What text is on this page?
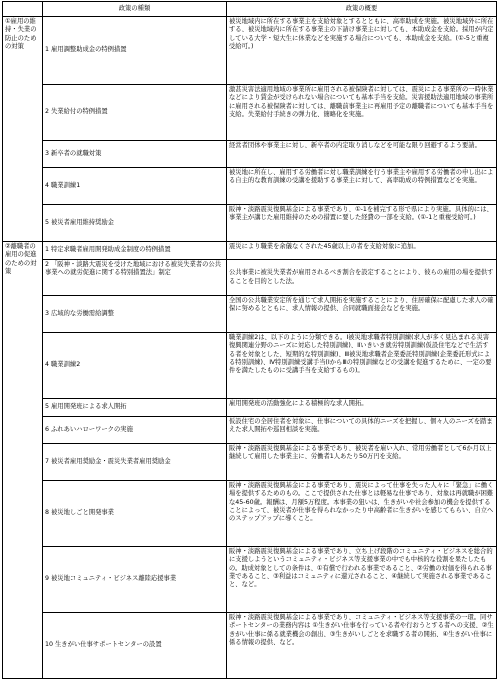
	政策の種類	政策の概要
①雇用の維持・失業の防止のための対策	1 雇用調整助成金の特例措置	被災地域内に所在する事業主を支給対象とするとともに、高率助成を実施。被災地域外に所在する、被災地域内に所在する事業主の下請け事業主に対しても、本助成金を支給。採用が内定している大学・短大生に休業などを実施する場合についても、本助成金を支給。(①-5と重複受給可。)
	2 失業給付の特例措置	激甚災害法適用地域の事業所に雇用される被保険者に対しては、震災による事業所の一時休業などにより賃金が受けられない場合についても基本手当を支給。災害援助法適用地域の事業所に雇用される被保険者に対しては、離職前事業主に再雇用予定の離職者についても基本手当を支給。失業給付手続きの弾力化、簡略化を実施。
	3 新卒者の就職対策	経営者団体や事業主に対し、新卒者の内定取り消しなどを可能な限り回避するよう要請。
	4 職業訓練1	被災地に所在し、雇用する労働者に対し職業訓練を行う事業主や雇用する労働者の申し出による自主的な教育訓練の受講を援助する事業主に対して、高率助成の特例措置などを実施。
	5 被災者雇用維持奨励金	阪神・淡路震災復興基金による事業であり、①-1を補完する形で県により実施。具体的には、事業主が講じた雇用維持のための措置に要した経費の一部を支給。(①-1と重複受給可。)
②離職者の雇用の促進のための対策	1 特定求職者雇用開発助成金制度の特例措置	震災により職業を余儀なくされた45歳以上の者を支給対象に追加。
	2 「阪神・淡路大震災を受けた地域における被災失業者の公共事業への就労促進に関する特別措置法」制定	公共事業に被災失業者が雇用されるべき割合を設定することにより、彼らの雇用の場を提供することを目的とした法。
	3 広域的な労働需給調整	全国の公共職業安定所を通じて求人開拓を実施することにより、住居確保に配慮した求人の確保に努めるとともに、求人情報の提供、合同就職面接会などを実施。
	4 職業訓練2	職業訓練2は、以下のように分類できる。Ⅰ被災地求職者特別訓練(求人が多く見込まれる災害復興関連分野のニーズに対応した特別訓練)、Ⅱいきいき就労特別訓練(仮設住宅などで生活する者を対象とした、短期的な特別訓練)、Ⅲ被災地求職者企業委託特別訓練(企業委託形式による特別訓練)、Ⅳ特別訓練受講手当(ⅠからⅢの特別訓練などの受講を促進するために、一定の要件を満たしたものに受講手当を支給するもの)。
	5 雇用開発班による求人開拓	雇用開発班の活動強化による積極的な求人開拓。
	6 ふれあいハローワークの実施	仮設住宅の全居住者を対象に、仕事についての具体的ニーズを把握し、個々人のニーズを踏まえた求人開拓や巡回相談を実施。
	7 被災者雇用奨励金・震災失業者雇用奨励金	阪神・淡路震災復興基金による事業であり、被災者を雇い入れ、常用労働者として6か月以上継続して雇用した事業主に、労働者1人あたり50万円を支給。
	8 被災地しごと開発事業	阪神・淡路震災復興基金による事業であり、震災によって仕事を失った人々に「緊急」に働く場を提供するためのもの。ここで提供された仕事とは軽易な仕事であり、対象は再就職が困難な45-60歳。報酬は、月額5万程度。本事業の狙いは、生きがいや社会参加の機会を提供することによって、被災者が仕事を得られなかったり中高齢者に生きがいを感じてもらい、自立へのステップアップに導くこと。
	9 被災地コミュニティ・ビジネス離陸応援事業	阪神・淡路震災復興基金による事業であり、立ち上げ段階のコミュニティ・ビジネスを総合的に支援しようというコミュニティ・ビジネス等支援事業の中でも中核的な役割を果たしたもの。助成対象としての条件は、①有償で行われる事業であること、②労働の対価を得られる事業であること、③利益はコミュニティに還元されること、④継続して実施される事業であること、など。
	10 生きがい仕事サポートセンターの設置	阪神・淡路震災復興基金による事業であり、コミュニティ・ビジネス等支援事業の一環。同サポートセンターの業務内容は ①生きがい仕事を行っている者や行おうとする者への支援、②生きがい仕事に係る就業機会の創出、③生きがいしごとを求職する者の開拓、④生きがい仕事に係る情報の提供、など。
